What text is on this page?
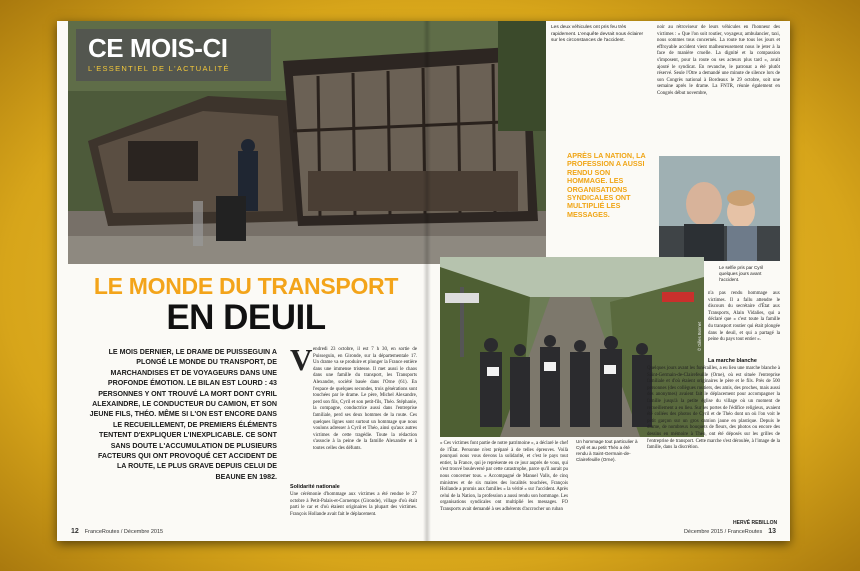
CE MOIS-CI
L'ESSENTIEL DE L'ACTUALITÉ
Les deux véhicules ont pris feu très rapidement. L'enquête devrait nous éclairer sur les circonstances de l'accident.
noir au rétroviseur de leurs véhicules en l'honneur des victimes : « Que l'on soit routier, voyageur, ambulancier, taxi, nous sommes tous concernés. La route tue tous les jours et effroyable accident vient malheureusement nous le jeter à la face de manière cruelle. La dignité et la compassion s'imposent, pour la route ou ses acteurs plus tard », avait ajouté le syndicat. En revanche, le patronat a été plutôt réservé. Seule l'Otre a demandé une minute de silence lors de son Congrès national à Bordeaux le 29 octobre, soit une semaine après le drame. La FNTR, réunie également en Congrès début novembre,
APRÈS LA NATION, LA PROFESSION A AUSSI RENDU SON HOMMAGE. LES ORGANISATIONS SYNDICALES ONT MULTIPLIÉ LES MESSAGES.
Le selfie pris par Cyril quelques jours avant l'accident.
LE MONDE DU TRANSPORT
EN DEUIL
LE MOIS DERNIER, LE DRAME DE PUISSEGUIN A PLONGÉ LE MONDE DU TRANSPORT, DE MARCHANDISES ET DE VOYAGEURS DANS UNE PROFONDE ÉMOTION. LE BILAN EST LOURD : 43 PERSONNES Y ONT TROUVÉ LA MORT DONT CYRIL ALEXAINDRE, LE CONDUCTEUR DU CAMION, ET SON JEUNE FILS, THÉO. MÊME SI L'ON EST ENCORE DANS LE RECUEILLEMENT, DE PREMIERS ÉLÉMENTS TENTENT D'EXPLIQUER L'INEXPLICABLE. CE SONT SANS DOUTE L'ACCUMULATION DE PLUSIEURS FACTEURS QUI ONT PROVOQUÉ CET ACCIDENT DE LA ROUTE, LE PLUS GRAVE DEPUIS CELUI DE BEAUNE EN 1982.
V endredi 23 octobre, il est 7 h 30, en sortie de Puisseguin, en Gironde, sur la départementale 17. Un drame va se produire et plonger la France entière dans une immense tristesse. Il met aussi le chaos dans une famille du transport, les Transports Alexandre, société basée dans l'Orne (61). En l'espace de quelques secondes, trois générations sont touchées par le drame. Le père, Michel Alexandre, perd son fils, Cyril et son petit-fils, Théo. Stéphanie, la compagne, conductrice aussi dans l'entreprise familiale, perd ses deux hommes de la route. Ces quelques lignes sont surtout un hommage que nous voulons adresser à Cyril et Théo, ainsi qu'aux autres victimes de cette tragédie. Toute la rédaction s'associe à la peine de la famille Alexandre et à toutes celles des défunts.
Solidarité nationale
Une cérémonie d'hommage aux victimes a été rendue le 27 octobre à Petit-Palais-et-Cornemps (Gironde), village d'où était parti le car et d'où étaient originaires la plupart des victimes. François Hollande avait fait le déplacement.
© Gilles Bonnet
Un hommage tout particulier à Cyril et au petit Théo a été rendu à Saint-Germain-de-Clairefeuille (Orne).
« Ces victimes font partie de notre patrimoine », a déclaré le chef de l'État. Personne n'est préparé à de telles épreuves. Voilà pourquoi nous vous devons la solidarité, et c'est le pays tout entier, la France, qui je représente en ce jour auprès de vous, qui s'est trouvé bouleversé par cette catastrophe, parce qu'il aurait pu nous concerner tous. » Accompagné de Manuel Valls, de cinq ministres et de six maires des localités touchées, François Hollande a promis aux familles « la vérité » sur l'accident. Après celui de la Nation, la profession a aussi rendu son hommage. Les organisations syndicales ont multiplié les messages. FO Transports avait demandé à ses adhérents d'accrocher un ruban
n'a pas rendu hommage aux victimes. Il a fallu attendre le discours du secrétaire d'État aux Transports, Alain Vidalies, qui a déclaré que « c'est toute la famille du transport routier qui était plongée dans le deuil, et qui a partagé la peine du pays tout entier ».
La marche blanche
Quelques jours avant les funérailles, a eu lieu une marche blanche à Saint-Germain-de-Clairefeuille (Orne), où est située l'entreprise familiale et d'où étaient originaires le père et le fils. Près de 500 personnes (des collègues routiers, des amis, des proches, mais aussi des anonymes) avaient fait le déplacement pour accompagner la famille jusqu'à la petite église du village où un moment de recueillement a eu lieu. Sur les portes de l'édifice religieux, avaient été collées des photos de Cyril et de Théo dont un où l'on voit le petit garçon sur un gros camion jaune en plastique. Depuis le drame, de nombreux bouquets de fleurs, des photos ou encore des dessins en mémoire à Théo, ont été déposés sur les grilles de l'entreprise de transport. Cette marche s'est déroulée, à l'image de la famille, dans la discrétion.
HERVÉ REBILLON
12 FranceRoutes / Décembre 2015	Décembre 2015 / FranceRoutes 13
